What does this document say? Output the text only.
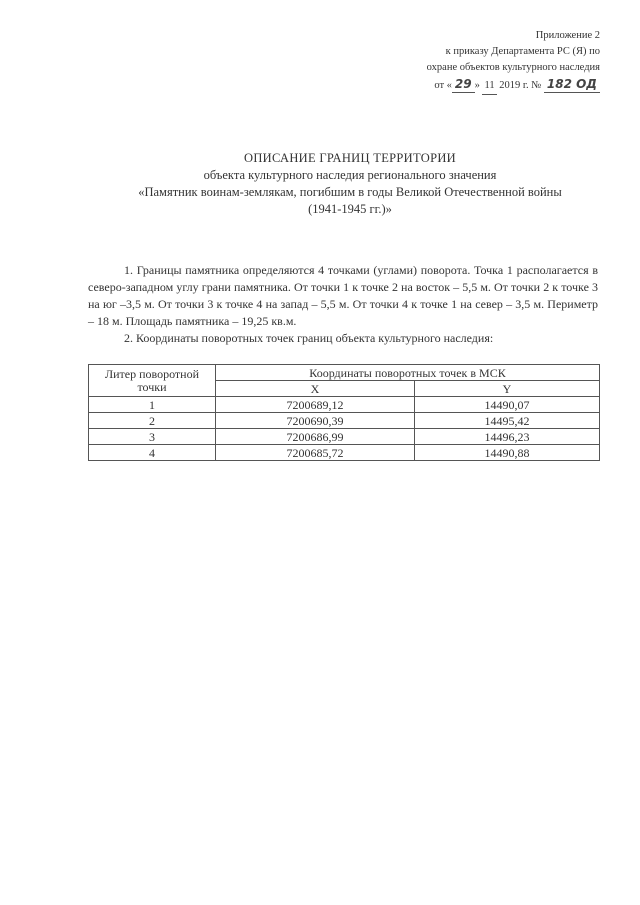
Приложение 2
к приказу Департамента РС (Я) по
охране объектов культурного наследия
от « 29 » 11 2019 г. № 182 ОД
ОПИСАНИЕ ГРАНИЦ ТЕРРИТОРИИ
объекта культурного наследия регионального значения
«Памятник воинам-землякам, погибшим в годы Великой Отечественной войны
(1941-1945 гг.)»

1. Границы памятника определяются 4 точками (углами) поворота. Точка 1 располагается в северо-западном углу грани памятника. От точки 1 к точке 2 на восток – 5,5 м. От точки 2 к точке 3 на юг –3,5 м. От точки 3 к точке 4 на запад – 5,5 м. От точки 4 к точке 1 на север – 3,5 м. Периметр – 18 м. Площадь памятника – 19,25 кв.м.

2. Координаты поворотных точек границ объекта культурного наследия:

Литер поворотной точки	Координаты поворотных точек в МСК	
	X	Y
1	7200689,12	14490,07
2	7200690,39	14495,42
3	7200686,99	14496,23
4	7200685,72	14490,88
